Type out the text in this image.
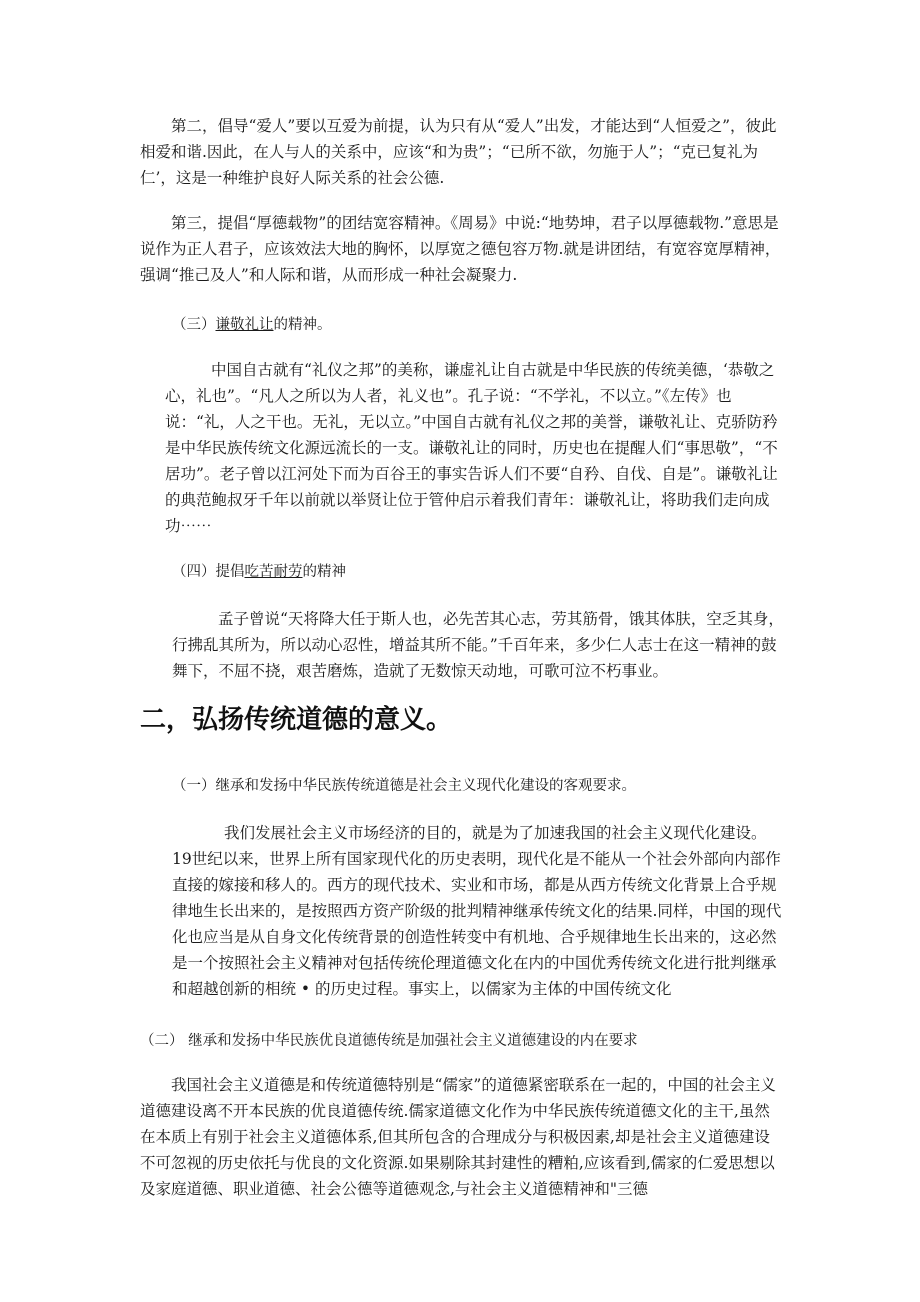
第二，倡导“爱人”要以互爱为前提，认为只有从“爱人”出发，才能达到“人恒爱之”，彼此相爱和谐.因此，在人与人的关系中，应该“和为贵”；“已所不欲，勿施于人”；“克已复礼为仁’，这是一种维护良好人际关系的社会公德.

第三，提倡“厚德载物”的团结宽容精神。《周易》中说:“地势坤，君子以厚德载物.”意思是说作为正人君子，应该效法大地的胸怀，以厚宽之德包容万物.就是讲团结，有宽容宽厚精神，强调“推己及人”和人际和谐，从而形成一种社会凝聚力.

（三）谦敬礼让的精神。

中国自古就有“礼仪之邦”的美称，谦虚礼让自古就是中华民族的传统美德，‘恭敬之心，礼也”。“凡人之所以为人者，礼义也”。孔子说：“不学礼，不以立。”《左传》也说：“礼，人之干也。无礼，无以立。”中国自古就有礼仪之邦的美誉，谦敬礼让、克骄防矜是中华民族传统文化源远流长的一支。谦敬礼让的同时，历史也在提醒人们“事思敬”，“不居功”。老子曾以江河处下而为百谷王的事实告诉人们不要“自矜、自伐、自是”。谦敬礼让的典范鲍叔牙千年以前就以举贤让位于管仲启示着我们青年：谦敬礼让，将助我们走向成功⋯⋯

（四）提倡吃苦耐劳的精神

孟子曾说“天将降大任于斯人也，必先苦其心志，劳其筋骨，饿其体肤，空乏其身，行拂乱其所为，所以动心忍性，增益其所不能。”千百年来，多少仁人志士在这一精神的鼓舞下，不屈不挠，艰苦磨炼，造就了无数惊天动地，可歌可泣不朽事业。

二，弘扬传统道德的意义。
（一）继承和发扬中华民族传统道德是社会主义现代化建设的客观要求。

我们发展社会主义市场经济的目的，就是为了加速我国的社会主义现代化建设。19世纪以来，世界上所有国家现代化的历史表明，现代化是不能从一个社会外部向内部作直接的嫁接和移人的。西方的现代技术、实业和市场，都是从西方传统文化背景上合乎规律地生长出来的，是按照西方资产阶级的批判精神继承传统文化的结果.同样，中国的现代化也应当是从自身文化传统背景的创造性转变中有机地、合乎规律地生长出来的，这必然是一个按照社会主义精神对包括传统伦理道德文化在内的中国优秀传统文化进行批判继承和超越创新的相统 • 的历史过程。事实上，以儒家为主体的中国传统文化

（二） 继承和发扬中华民族优良道德传统是加强社会主义道德建设的内在要求

我国社会主义道德是和传统道德特别是“儒家”的道德紧密联系在一起的，中国的社会主义道德建设离不开本民族的优良道德传统.儒家道德文化作为中华民族传统道德文化的主干,虽然在本质上有别于社会主义道德体系,但其所包含的合理成分与积极因素,却是社会主义道德建设不可忽视的历史依托与优良的文化资源.如果剔除其封建性的糟粕,应该看到,儒家的仁爱思想以及家庭道德、职业道德、社会公德等道德观念,与社会主义道德精神和"三德
